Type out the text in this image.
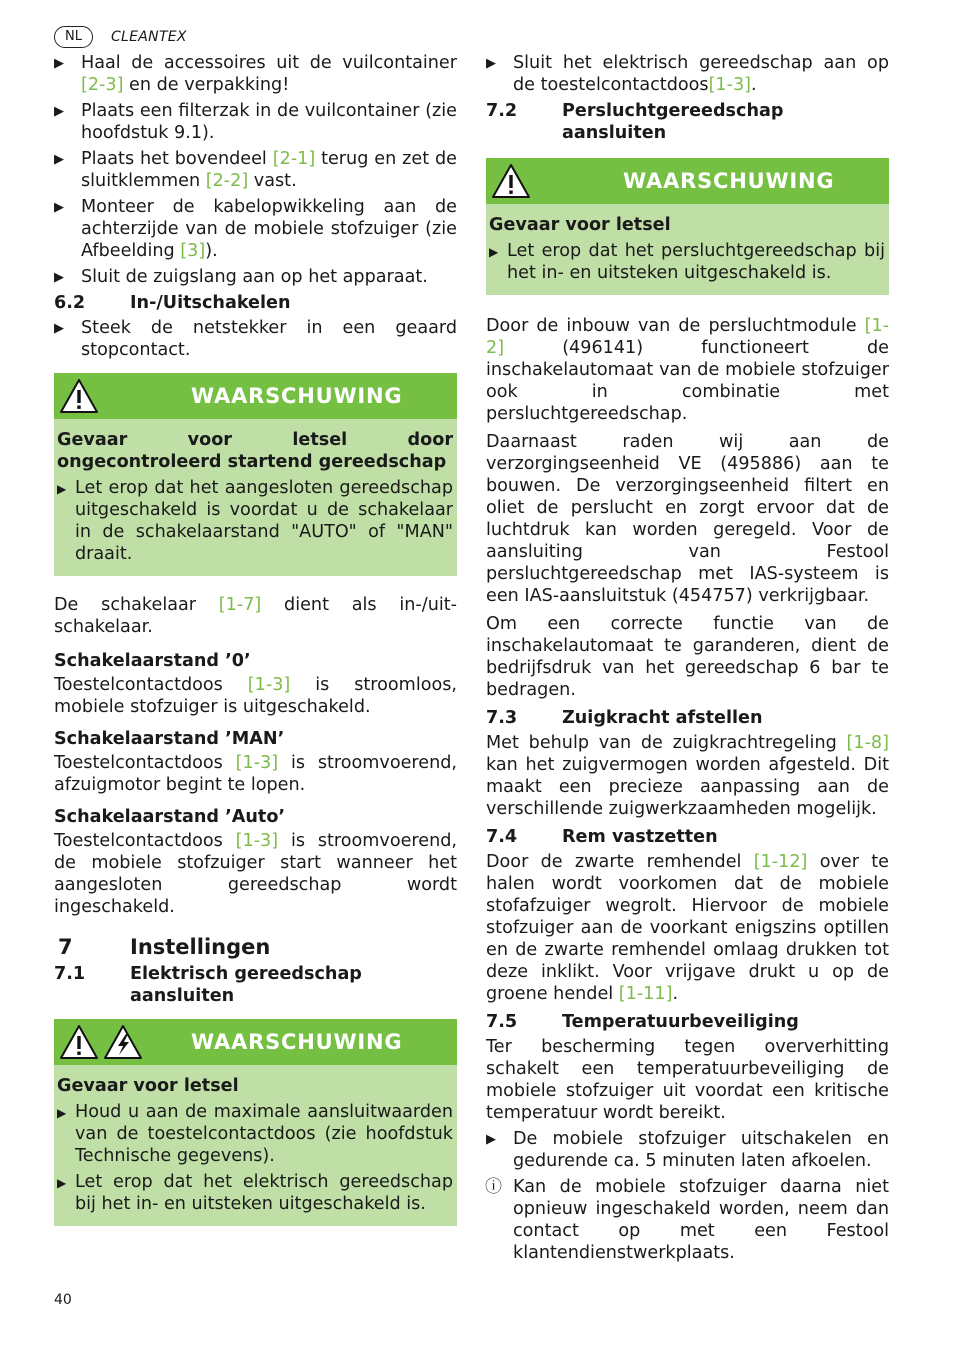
NL	CLEANTEX
▶ Haal de accessoires uit de vuilcontainer [2-3] en de verpakking!
▶ Plaats een filterzak in de vuilcontainer (zie hoofdstuk 9.1).
▶ Plaats het bovendeel [2-1] terug en zet de sluitklemmen [2-2] vast.
▶ Monteer de kabelopwikkeling aan de achterzijde van de mobiele stofzuiger (zie Afbeelding [3]).
▶ Sluit de zuigslang aan op het apparaat.
6.2	In-/Uitschakelen
▶ Steek de netstekker in een geaard stopcontact.
WAARSCHUWING
Gevaar voor letsel door ongecontroleerd startend gereedschap
▶ Let erop dat het aangesloten gereedschap uitgeschakeld is voordat u de schakelaar in de schakelaarstand "AUTO" of "MAN" draait.

De schakelaar [1-7] dient als in-/uit-schakelaar.

Schakelaarstand ’0’

Toestelcontactdoos [1-3] is stroomloos, mobiele stofzuiger is uitgeschakeld.

Schakelaarstand ’MAN’

Toestelcontactdoos [1-3] is stroomvoerend, afzuigmotor begint te lopen.

Schakelaarstand ’Auto’

Toestelcontactdoos [1-3] is stroomvoerend, de mobiele stofzuiger start wanneer het aangesloten gereedschap wordt ingeschakeld.

7	Instellingen
7.1	Elektrisch gereedschap aansluiten
WAARSCHUWING
Gevaar voor letsel
▶ Houd u aan de maximale aansluitwaarden van de toestelcontactdoos (zie hoofdstuk Technische gegevens).
▶ Let erop dat het elektrisch gereedschap bij het in- en uitsteken uitgeschakeld is.
▶ Sluit het elektrisch gereedschap aan op de toestelcontactdoos[1-3].
7.2	Persluchtgereedschap aansluiten
WAARSCHUWING
Gevaar voor letsel
▶ Let erop dat het persluchtgereedschap bij het in- en uitsteken uitgeschakeld is.

Door de inbouw van de persluchtmodule [1-2] (496141) functioneert de inschakelautomaat van de mobiele stofzuiger ook in combinatie met persluchtgereedschap.

Daarnaast raden wij aan de verzorgingseenheid VE (495886) aan te bouwen. De verzorgingseenheid filtert en oliet de perslucht en zorgt ervoor dat de luchtdruk kan worden geregeld. Voor de aansluiting van Festool persluchtgereedschap met IAS-systeem is een IAS-aansluitstuk (454757) verkrijgbaar.

Om een correcte functie van de inschakelautomaat te garanderen, dient de bedrijfsdruk van het gereedschap 6 bar te bedragen.

7.3	Zuigkracht afstellen

Met behulp van de zuigkrachtregeling [1-8] kan het zuigvermogen worden afgesteld. Dit maakt een precieze aanpassing aan de verschillende zuigwerkzaamheden mogelijk.

7.4	Rem vastzetten

Door de zwarte remhendel [1-12] over te halen wordt voorkomen dat de mobiele stofafzuiger wegrolt. Hiervoor de mobiele stofzuiger aan de voorkant enigszins optillen en de zwarte remhendel omlaag drukken tot deze inklikt. Voor vrijgave drukt u op de groene hendel [1-11].

7.5	Temperatuurbeveiliging

Ter bescherming tegen oververhitting schakelt een temperatuurbeveiliging de mobiele stofzuiger uit voordat een kritische temperatuur wordt bereikt.

▶ De mobiele stofzuiger uitschakelen en gedurende ca. 5 minuten laten afkoelen.
ⓘ Kan de mobiele stofzuiger daarna niet opnieuw ingeschakeld worden, neem dan contact op met een Festool klantendienstwerkplaats.
40
